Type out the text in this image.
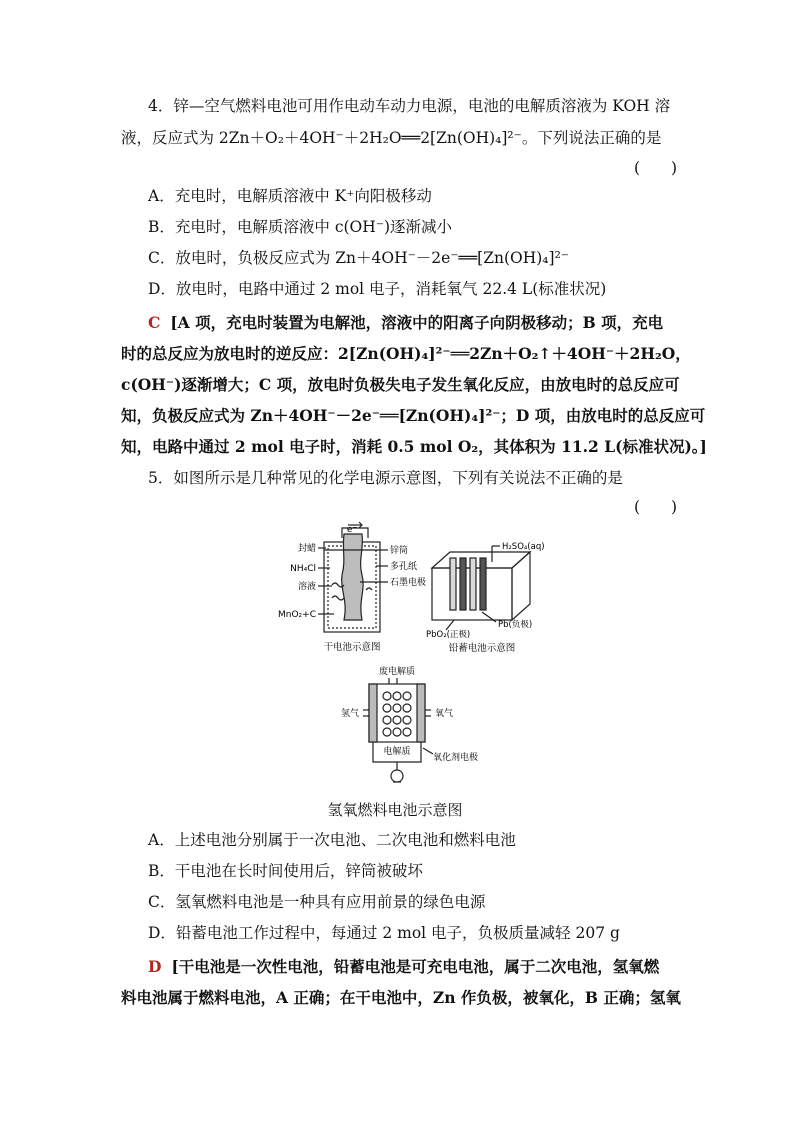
4．锌—空气燃料电池可用作电动车动力电源，电池的电解质溶液为 KOH 溶
液，反应式为 2Zn＋O₂＋4OH⁻＋2H₂O══2[Zn(OH)₄]²⁻。下列说法正确的是
(　　)
A．充电时，电解质溶液中 K⁺向阳极移动
B．充电时，电解质溶液中 c(OH⁻)逐渐减小
C．放电时，负极反应式为 Zn＋4OH⁻－2e⁻══[Zn(OH)₄]²⁻
D．放电时，电路中通过 2 mol 电子，消耗氧气 22.4 L(标准状况)
C [A 项，充电时装置为电解池，溶液中的阳离子向阴极移动；B 项，充电
时的总反应为放电时的逆反应：2[Zn(OH)₄]²⁻══2Zn＋O₂↑＋4OH⁻＋2H₂O，
c(OH⁻)逐渐增大；C 项，放电时负极失电子发生氧化反应，由放电时的总反应可
知，负极反应式为 Zn＋4OH⁻－2e⁻══[Zn(OH)₄]²⁻；D 项，由放电时的总反应可
知，电路中通过 2 mol 电子时，消耗 0.5 mol O₂，其体积为 11.2 L(标准状况)。]
5．如图所示是几种常见的化学电源示意图，下列有关说法不正确的是
(　　)
e⁻
封蜡
NH₄Cl
溶液
MnO₂+C
锌筒
多孔纸
石墨电极
干电池示意图
H₂SO₄(aq)
PbO₂(正极)
Pb(负极)
铅蓄电池示意图
废电解质
氢气	氧气
电解质
氧化剂电极
氢氧燃料电池示意图
A．上述电池分别属于一次电池、二次电池和燃料电池
B．干电池在长时间使用后，锌筒被破坏
C．氢氧燃料电池是一种具有应用前景的绿色电源
D．铅蓄电池工作过程中，每通过 2 mol 电子，负极质量减轻 207 g
D [干电池是一次性电池，铅蓄电池是可充电电池，属于二次电池，氢氧燃
料电池属于燃料电池，A 正确；在干电池中，Zn 作负极，被氧化，B 正确；氢氧
